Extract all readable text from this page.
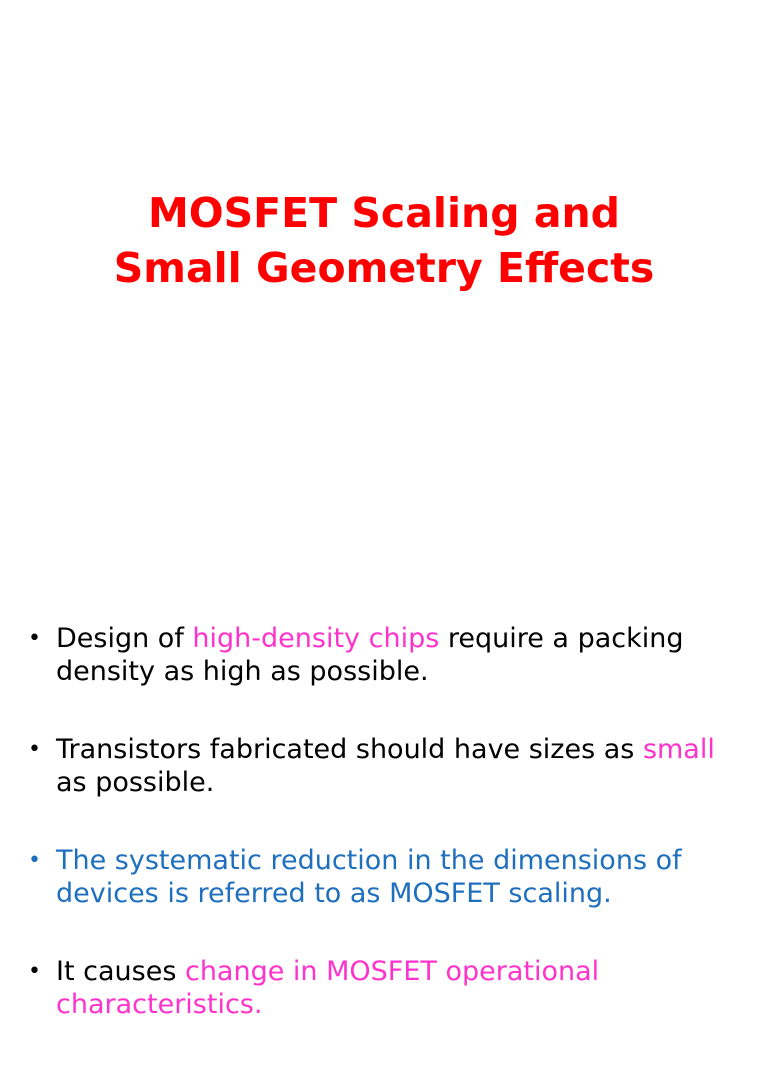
MOSFET Scaling and
Small Geometry Effects
• Design of high-density chips require a packing density as high as possible.
• Transistors fabricated should have sizes as small as possible.
• The systematic reduction in the dimensions of devices is referred to as MOSFET scaling.
• It causes change in MOSFET operational characteristics.
